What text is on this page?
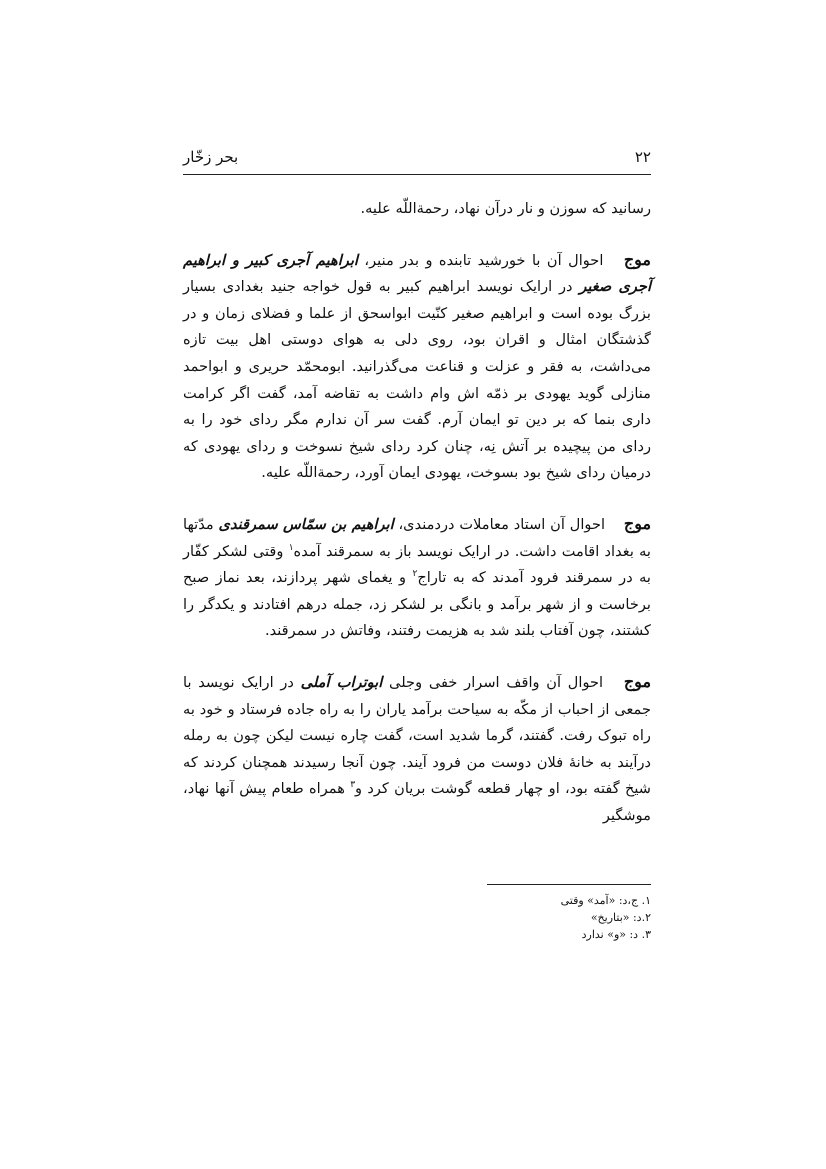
۲۲
بحر زخّار

رسانید که سوزن و نار درآن نهاد، رحمةاللّه علیه.

موج احوال آن با خورشید تابنده و بدر منیر، ابراهیم آجری کبیر و ابراهیم آجری صغیر در ارایک نویسد ابراهیم کبیر به قول خواجه جنید بغدادی بسیار بزرگ بوده است و ابراهیم صغیر کنّیت ابواسحق از علما و فضلای زمان و در گذشتگان امثال و اقران بود، روی دلی به هوای دوستی اهل بیت تازه می‌داشت، به فقر و عزلت و قناعت می‌گذرانید. ابومحمّد حریری و ابواحمد منازلی گوید یهودی بر ذمّه اش وام داشت به تقاضه آمد، گفت اگر کرامت داری بنما که بر دین تو ایمان آرم. گفت سر آن ندارم مگر ردای خود را به ردای من پیچیده بر آتش نِه، چنان کرد ردای شیخ نسوخت و ردای یهودی که درمیان ردای شیخ بود بسوخت، یهودی ایمان آورد، رحمةاللّه علیه.

موج احوال آن استاد معاملات دردمندی، ابراهیم بن سمّاس سمرقندی مدّتها به بغداد اقامت داشت. در ارایک نویسد باز به سمرقند آمده$^۱$ وقتی لشکر کفّار به در سمرقند فرود آمدند که به تاراج$^۲$ و یغمای شهر پردازند، بعد نماز صبح برخاست و از شهر برآمد و بانگی بر لشکر زد، جمله درهم افتادند و یکدگر را کشتند، چون آفتاب بلند شد به هزیمت رفتند، وفاتش در سمرقند.

موج احوال آن واقف اسرار خفی وجلی ابوتراب آملی در ارایک نویسد با جمعی از احباب از مکّه به سیاحت برآمد یاران را به راه جاده فرستاد و خود به راه تبوک رفت. گفتند، گرما شدید است، گفت چاره نیست لیکن چون به رمله درآیند به خانۀ فلان دوست من فرود آیند. چون آنجا رسیدند همچنان کردند که شیخ گفته بود، او چهار قطعه گوشت بریان کرد و$^۳$ همراه طعام پیش آنها نهاد، موشگیر

۱. ج،د: «آمد» وقتی

۲.د: «بتاریخ»

۳. د: «و» ندارد
